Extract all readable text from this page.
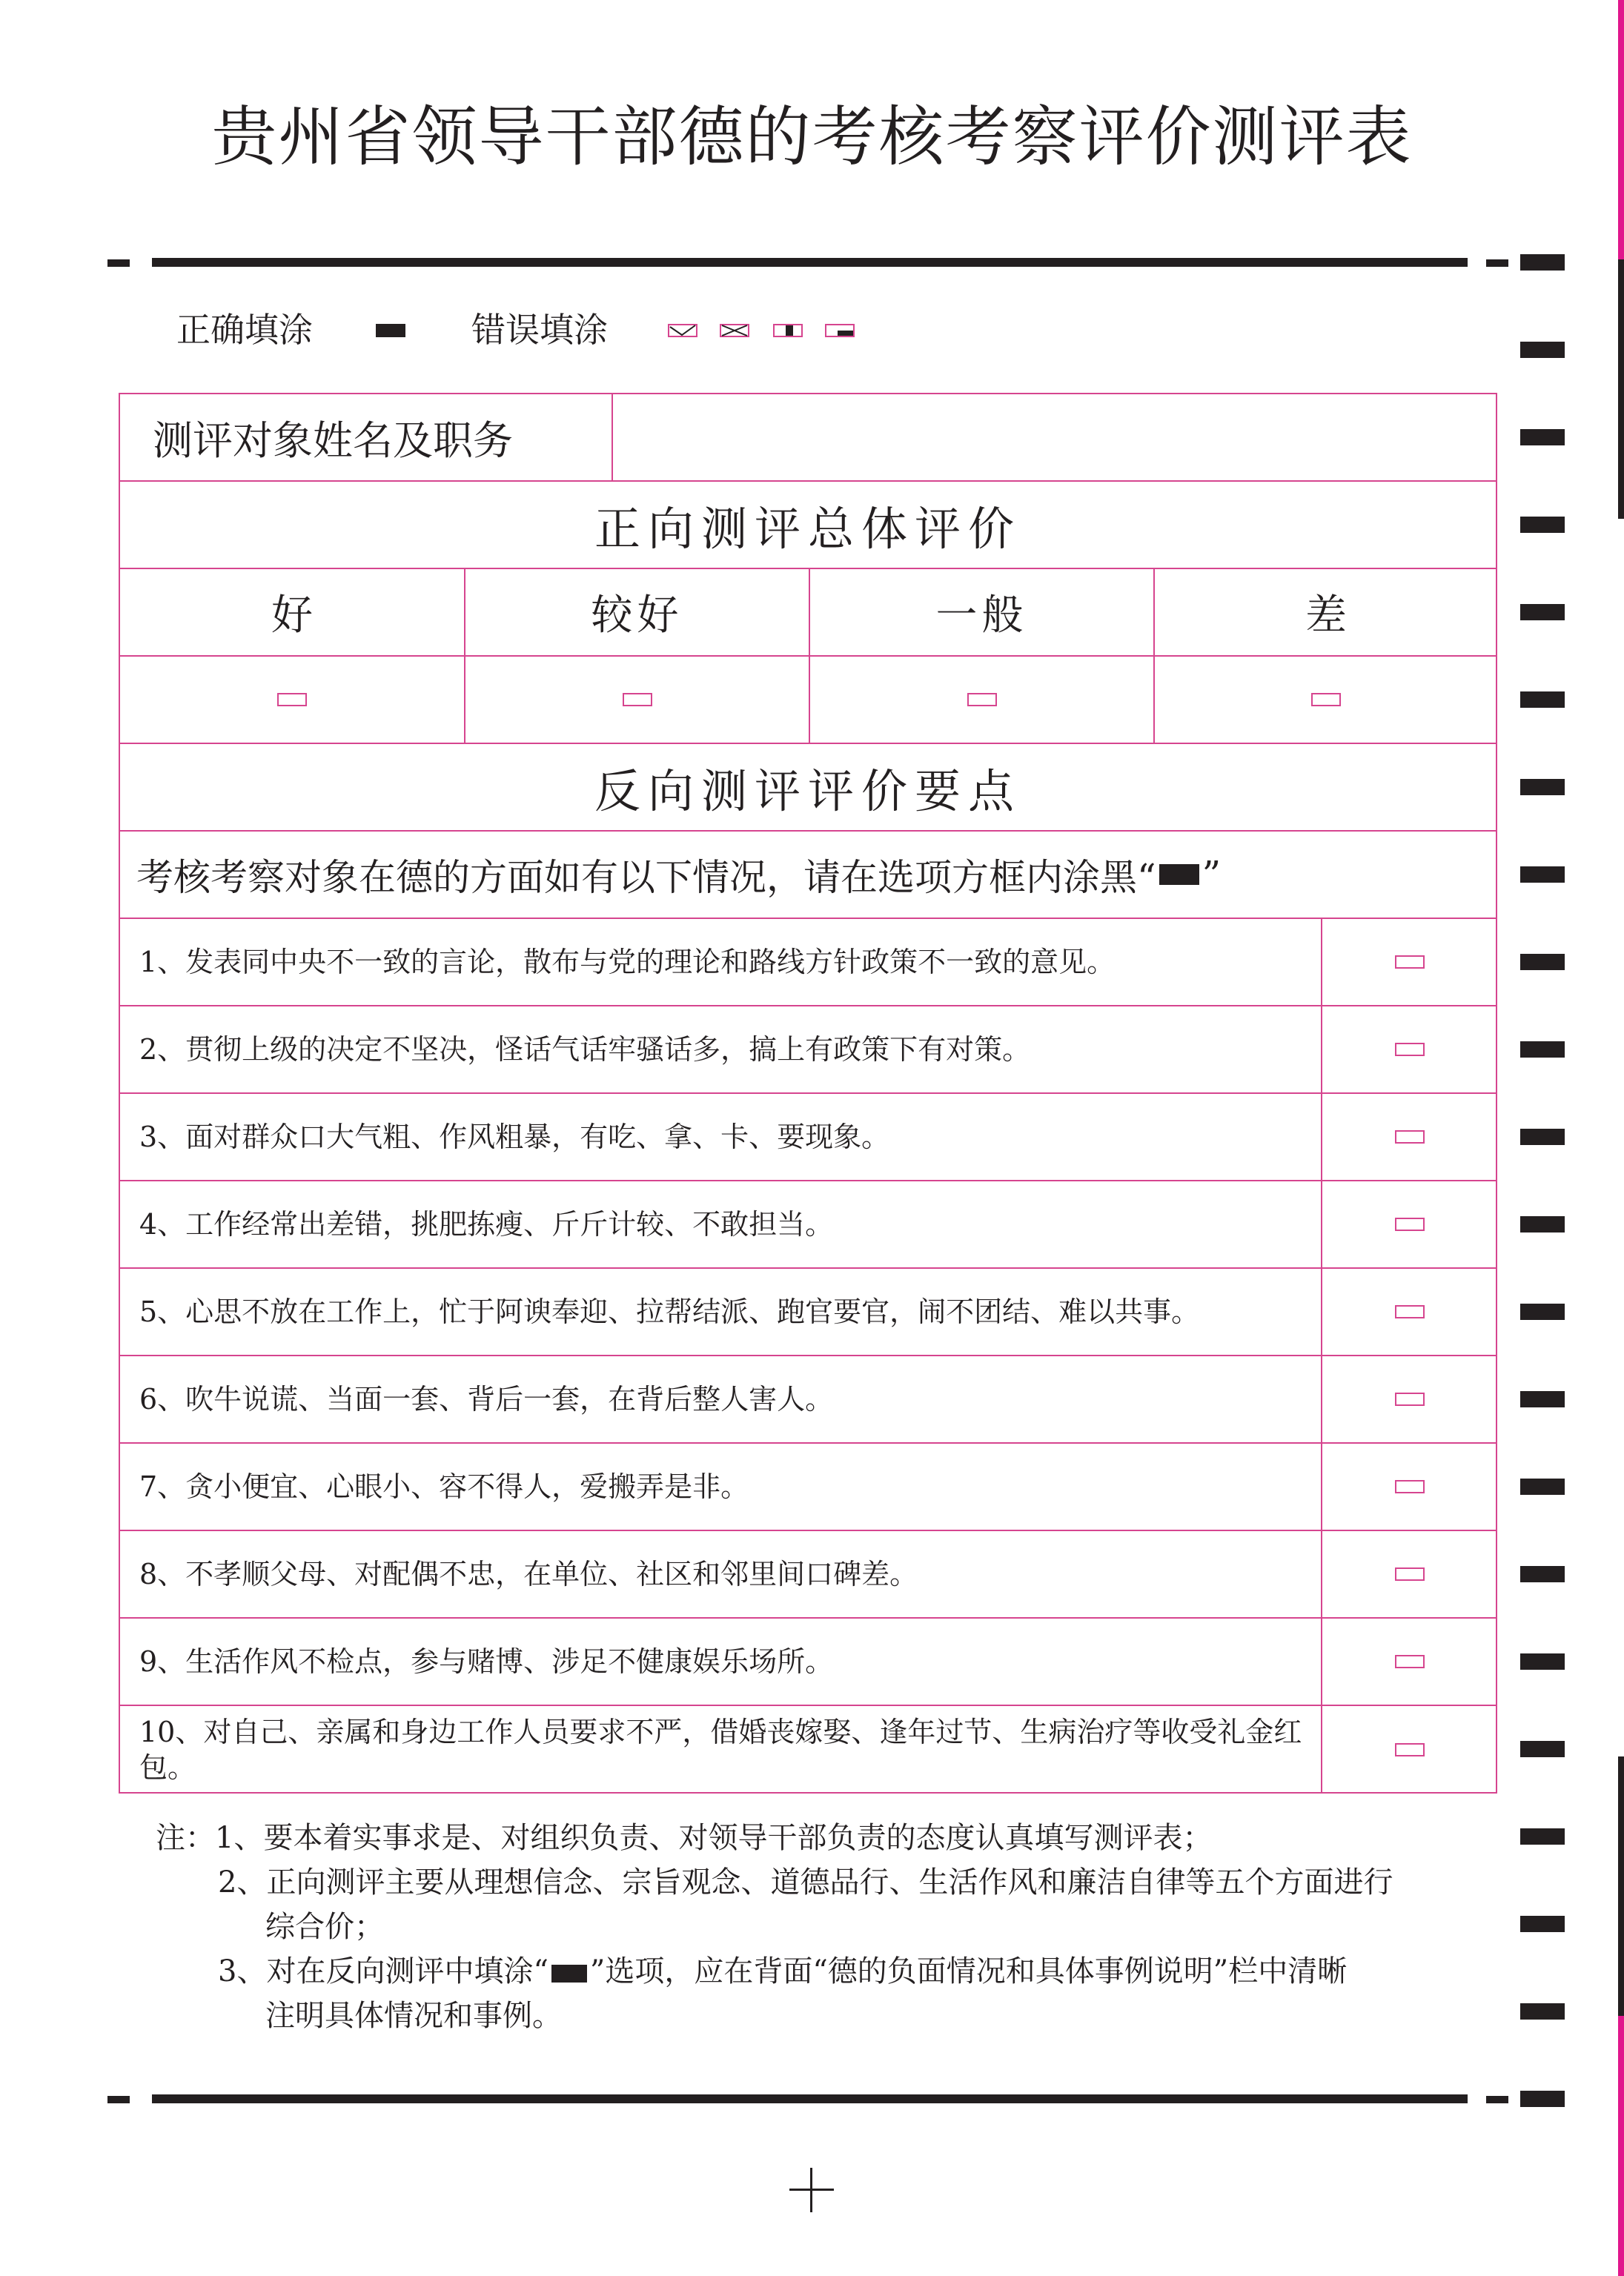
贵州省领导干部德的考核考察评价测评表
正确填涂	错误填涂
测评对象姓名及职务
正向测评总体评价
好	较好	一般	差
反向测评评价要点
考核考察对象在德的方面如有以下情况，请在选项方框内涂黑“ ”
1、发表同中央不一致的言论，散布与党的理论和路线方针政策不一致的意见。
2、贯彻上级的决定不坚决，怪话气话牢骚话多，搞上有政策下有对策。
3、面对群众口大气粗、作风粗暴，有吃、拿、卡、要现象。
4、工作经常出差错，挑肥拣瘦、斤斤计较、不敢担当。
5、心思不放在工作上，忙于阿谀奉迎、拉帮结派、跑官要官，闹不团结、难以共事。
6、吹牛说谎、当面一套、背后一套，在背后整人害人。
7、贪小便宜、心眼小、容不得人，爱搬弄是非。
8、不孝顺父母、对配偶不忠，在单位、社区和邻里间口碑差。
9、生活作风不检点，参与赌博、涉足不健康娱乐场所。
10、对自己、亲属和身边工作人员要求不严，借婚丧嫁娶、逢年过节、生病治疗等收受礼金红包。
注：1、要本着实事求是、对组织负责、对领导干部负责的态度认真填写测评表；
2、正向测评主要从理想信念、宗旨观念、道德品行、生活作风和廉洁自律等五个方面进行
综合价；
3、对在反向测评中填涂“ ”选项，应在背面“德的负面情况和具体事例说明”栏中清晰
注明具体情况和事例。
